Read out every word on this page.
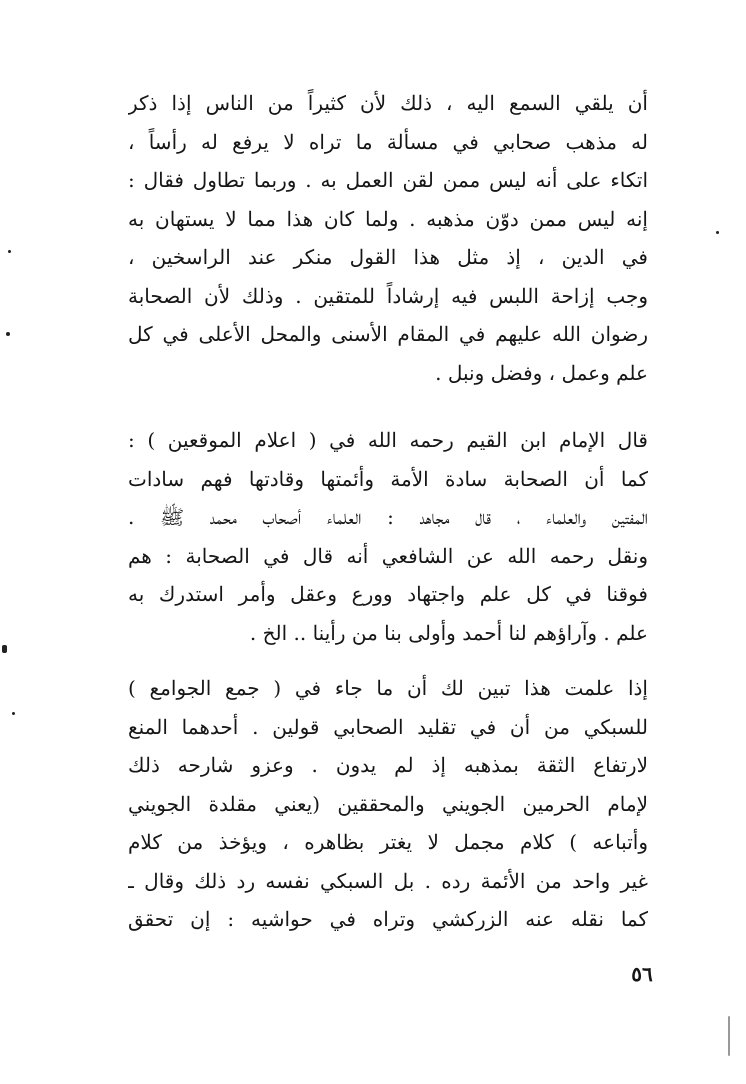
أن يلقي السمع اليه ، ذلك لأن كثيراً من الناس إذا ذكر
له مذهب صحابي في مسألة ما تراه لا يرفع له رأساً ،
اتكاء على أنه ليس ممن لقن العمل به . وربما تطاول فقال :
إنه ليس ممن دوّن مذهبه . ولما كان هذا مما لا يستهان به
في الدين ، إذ مثل هذا القول منكر عند الراسخين ،
وجب إزاحة اللبس فيه إرشاداً للمتقين . وذلك لأن الصحابة
رضوان الله عليهم في المقام الأسنى والمحل الأعلى في كل
علم وعمل ، وفضل ونبل .
قال الإمام ابن القيم رحمه الله في ( اعلام الموقعين ) :
كما أن الصحابة سادة الأمة وأئمتها وقادتها فهم سادات
المفتين والعلماء ، قال مجاهد : العلماء أصحاب محمد ﷺ .
ونقل رحمه الله عن الشافعي أنه قال في الصحابة : هم
فوقنا في كل علم واجتهاد وورع وعقل وأمر استدرك به
علم . وآراؤهم لنا أحمد وأولى بنا من رأينا .. الخ .
إذا علمت هذا تبين لك أن ما جاء في ( جمع الجوامع )
للسبكي من أن في تقليد الصحابي قولين . أحدهما المنع
لارتفاع الثقة بمذهبه إذ لم يدون . وعزو شارحه ذلك
لإمام الحرمين الجويني والمحققين (يعني مقلدة الجويني
وأتباعه ) كلام مجمل لا يغتر بظاهره ، ويؤخذ من كلام
غير واحد من الأئمة رده . بل السبكي نفسه رد ذلك وقال ـ
كما نقله عنه الزركشي وتراه في حواشيه : إن تحقق
٥٦
